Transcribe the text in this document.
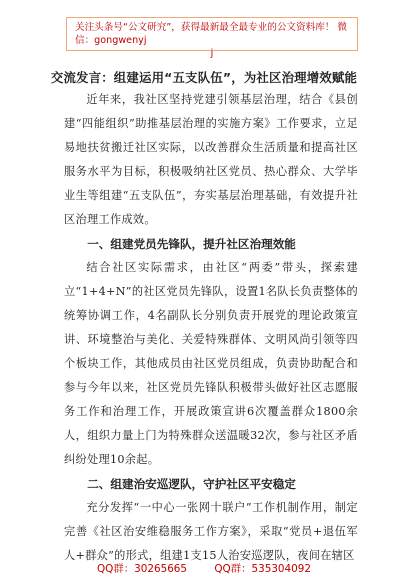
关注头条号“公文研究”，获得最新最全最专业的公文资料库！ 微信：gongwenyj
j
交流发言：组建运用“五支队伍”，为社区治理增效赋能

近年来，我社区坚持党建引领基层治理，结合《县创建“四能组织”助推基层治理的实施方案》工作要求，立足易地扶贫搬迁社区实际，以改善群众生活质量和提高社区服务水平为目标，积极吸纳社区党员、热心群众、大学毕业生等组建“五支队伍”，夯实基层治理基础，有效提升社区治理工作成效。

一、组建党员先锋队，提升社区治理效能

结合社区实际需求，由社区“两委”带头，探索建立“1+4+N”的社区党员先锋队，设置1名队长负责整体的统筹协调工作，4名副队长分别负责开展党的理论政策宣讲、环境整治与美化、关爱特殊群体、文明风尚引领等四个板块工作，其他成员由社区党员组成，负责协助配合和参与今年以来，社区党员先锋队积极带头做好社区志愿服务工作和治理工作，开展政策宣讲6次覆盖群众1800余人，组织力量上门为特殊群众送温暖32次，参与社区矛盾纠纷处理10余起。

二、组建治安巡逻队，守护社区平安稳定

充分发挥“一中心一张网十联户”工作机制作用，制定完善《社区治安维稳服务工作方案》，采取“党员+退伍军人+群众”的形式，组建1支15人治安巡逻队，夜间在辖区

QQ群：30265665	QQ群：535304092
